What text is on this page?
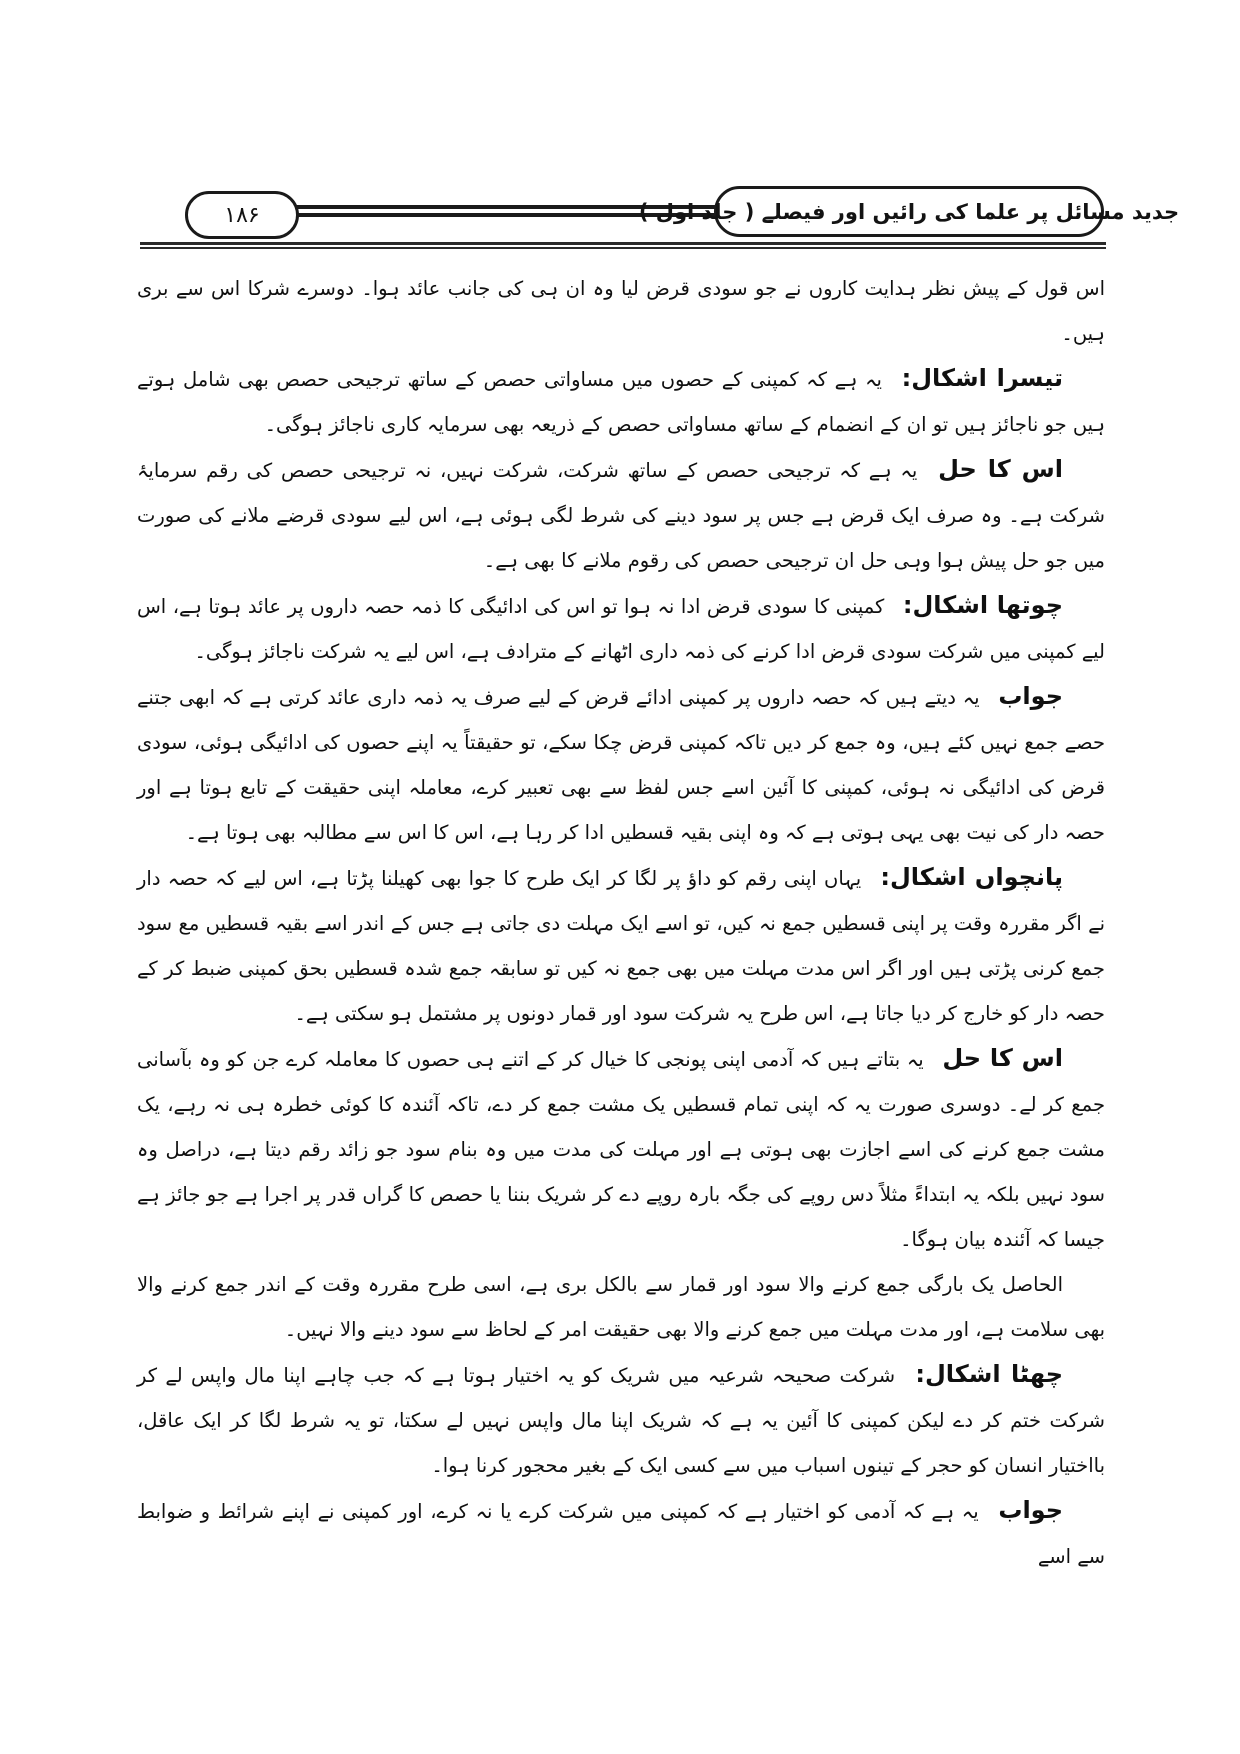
۱۸۶	جدید مسائل پر علما کی رائیں اور فیصلے ( جلد اول )

اس قول کے پیش نظر ہدایت کاروں نے جو سودی قرض لیا وہ ان ہی کی جانب عائد ہوا۔ دوسرے شرکا اس سے بری ہیں۔

تیسرا اشکال: یہ ہے کہ کمپنی کے حصوں میں مساواتی حصص کے ساتھ ترجیحی حصص بھی شامل ہوتے ہیں جو ناجائز ہیں تو ان کے انضمام کے ساتھ مساواتی حصص کے ذریعہ بھی سرمایہ کاری ناجائز ہوگی۔

اس کا حل یہ ہے کہ ترجیحی حصص کے ساتھ شرکت، شرکت نہیں، نہ ترجیحی حصص کی رقم سرمایۂ شرکت ہے۔ وہ صرف ایک قرض ہے جس پر سود دینے کی شرط لگی ہوئی ہے، اس لیے سودی قرضے ملانے کی صورت میں جو حل پیش ہوا وہی حل ان ترجیحی حصص کی رقوم ملانے کا بھی ہے۔

چوتھا اشکال: کمپنی کا سودی قرض ادا نہ ہوا تو اس کی ادائیگی کا ذمہ حصہ داروں پر عائد ہوتا ہے، اس لیے کمپنی میں شرکت سودی قرض ادا کرنے کی ذمہ داری اٹھانے کے مترادف ہے، اس لیے یہ شرکت ناجائز ہوگی۔

جواب یہ دیتے ہیں کہ حصہ داروں پر کمپنی ادائے قرض کے لیے صرف یہ ذمہ داری عائد کرتی ہے کہ ابھی جتنے حصے جمع نہیں کئے ہیں، وہ جمع کر دیں تاکہ کمپنی قرض چکا سکے، تو حقیقتاً یہ اپنے حصوں کی ادائیگی ہوئی، سودی قرض کی ادائیگی نہ ہوئی، کمپنی کا آئین اسے جس لفظ سے بھی تعبیر کرے، معاملہ اپنی حقیقت کے تابع ہوتا ہے اور حصہ دار کی نیت بھی یہی ہوتی ہے کہ وہ اپنی بقیہ قسطیں ادا کر رہا ہے، اس کا اس سے مطالبہ بھی ہوتا ہے۔

پانچواں اشکال: یہاں اپنی رقم کو داؤ پر لگا کر ایک طرح کا جوا بھی کھیلنا پڑتا ہے، اس لیے کہ حصہ دار نے اگر مقررہ وقت پر اپنی قسطیں جمع نہ کیں، تو اسے ایک مہلت دی جاتی ہے جس کے اندر اسے بقیہ قسطیں مع سود جمع کرنی پڑتی ہیں اور اگر اس مدت مہلت میں بھی جمع نہ کیں تو سابقہ جمع شدہ قسطیں بحق کمپنی ضبط کر کے حصہ دار کو خارج کر دیا جاتا ہے، اس طرح یہ شرکت سود اور قمار دونوں پر مشتمل ہو سکتی ہے۔

اس کا حل یہ بتاتے ہیں کہ آدمی اپنی پونجی کا خیال کر کے اتنے ہی حصوں کا معاملہ کرے جن کو وہ بآسانی جمع کر لے۔ دوسری صورت یہ کہ اپنی تمام قسطیں یک مشت جمع کر دے، تاکہ آئندہ کا کوئی خطرہ ہی نہ رہے، یک مشت جمع کرنے کی اسے اجازت بھی ہوتی ہے اور مہلت کی مدت میں وہ بنام سود جو زائد رقم دیتا ہے، دراصل وہ سود نہیں بلکہ یہ ابتداءً مثلاً دس روپے کی جگہ بارہ روپے دے کر شریک بننا یا حصص کا گراں قدر پر اجرا ہے جو جائز ہے جیسا کہ آئندہ بیان ہوگا۔

الحاصل یک بارگی جمع کرنے والا سود اور قمار سے بالکل بری ہے، اسی طرح مقررہ وقت کے اندر جمع کرنے والا بھی سلامت ہے، اور مدت مہلت میں جمع کرنے والا بھی حقیقت امر کے لحاظ سے سود دینے والا نہیں۔

چھٹا اشکال: شرکت صحیحہ شرعیہ میں شریک کو یہ اختیار ہوتا ہے کہ جب چاہے اپنا مال واپس لے کر شرکت ختم کر دے لیکن کمپنی کا آئین یہ ہے کہ شریک اپنا مال واپس نہیں لے سکتا، تو یہ شرط لگا کر ایک عاقل، بااختیار انسان کو حجر کے تینوں اسباب میں سے کسی ایک کے بغیر محجور کرنا ہوا۔

جواب یہ ہے کہ آدمی کو اختیار ہے کہ کمپنی میں شرکت کرے یا نہ کرے، اور کمپنی نے اپنے شرائط و ضوابط سے اسے
